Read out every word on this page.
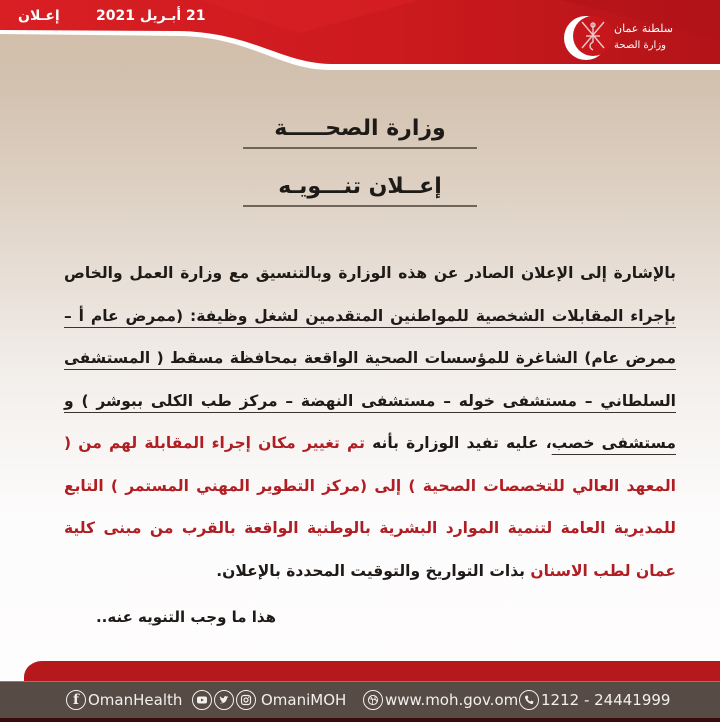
إعـلان	21 أبـريل 2021
سلطنة عمان
وزارة الصحة
وزارة الصحـــــة
إعــلان تنـــويـه
بالإشارة إلى الإعلان الصادر عن هذه الوزارة وبالتنسيق مع وزارة العمل والخاص بإجراء المقابلات الشخصية للمواطنين المتقدمين لشغل وظيفة: (ممرض عام أ – ممرض عام) الشاغرة للمؤسسات الصحية الواقعة بمحافظة مسقط ( المستشفى السلطاني – مستشفى خوله – مستشفى النهضة – مركز طب الكلى ببوشر ) و مستشفى خصب، عليه تفيد الوزارة بأنه تم تغيير مكان إجراء المقابلة لهم من ( المعهد العالي للتخصصات الصحية ) إلى (مركز التطوير المهني المستمر ) التابع للمديرية العامة لتنمية الموارد البشرية بالوطنية الواقعة بالقرب من مبنى كلية عمان لطب الاسنان بذات التواريخ والتوقيت المحددة بالإعلان.
هذا ما وجب التنويه عنه..
f OmanHealth	OmaniMOH	www.moh.gov.om 1212 - 24441999
